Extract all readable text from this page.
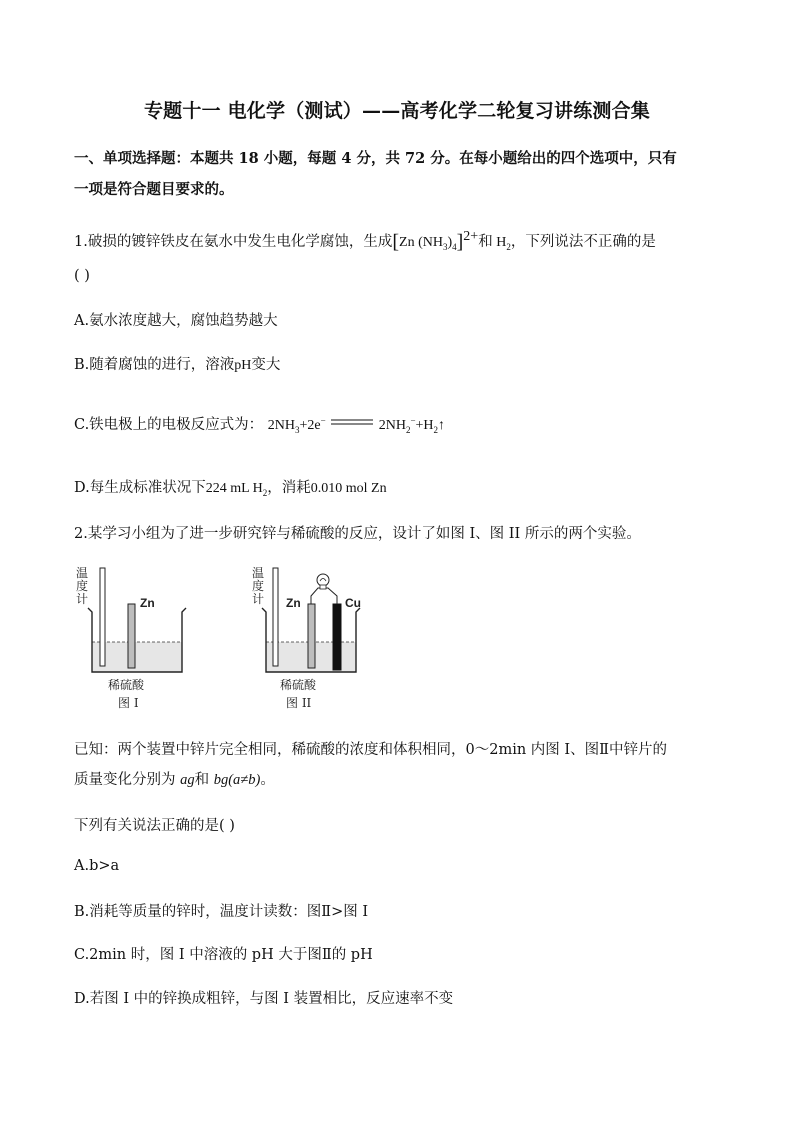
专题十一 电化学（测试）——高考化学二轮复习讲练测合集
一、单项选择题：本题共 18 小题，每题 4 分，共 72 分。在每小题给出的四个选项中，只有
一项是符合题目要求的。
1.破损的镀锌铁皮在氨水中发生电化学腐蚀，生成[Zn $(NH_3)_4]^{2+}$和 $H_2$，下列说法不正确的是
( )
A.氨水浓度越大，腐蚀趋势越大
B.随着腐蚀的进行，溶液pH变大
C.铁电极上的电极反应式为： $2NH_3+2e^-$	$2NH_2^-+H_2↑$
D.每生成标准状况下224 mL $H_2$，消耗0.010 mol Zn
2.某学习小组为了进一步研究锌与稀硫酸的反应，设计了如图 I、图 II 所示的两个实验。
温
度
计	Zn
稀硫酸
图 I
温
度
计 Zn	Cu
稀硫酸
图 II
已知：两个装置中锌片完全相同，稀硫酸的浓度和体积相同，0～2min 内图 I、图Ⅱ中锌片的
质量变化分别为 ag和 bg(a≠b)。
下列有关说法正确的是( )
A.b>a
B.消耗等质量的锌时，温度计读数：图Ⅱ>图 I
C.2min 时，图 I 中溶液的 pH 大于图Ⅱ的 pH
D.若图 I 中的锌换成粗锌，与图 I 装置相比，反应速率不变
